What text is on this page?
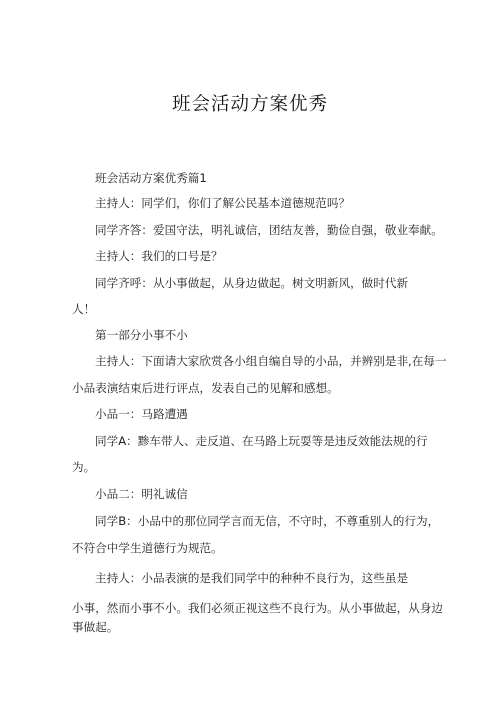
班会活动方案优秀
班会活动方案优秀篇1
主持人：同学们，你们了解公民基本道德规范吗？
同学齐答：爱国守法，明礼诚信，团结友善，勤俭自强，敬业奉献。
主持人：我们的口号是？
同学齐呼：从小事做起，从身边做起。树文明新风，做时代新
人！
第一部分小事不小
主持人：下面请大家欣赏各小组自编自导的小品，并辨别是非,在每一
小品表演结束后进行评点，发表自己的见解和感想。
小品一：马路遭遇
同学A：黪车带人、走反道、在马路上玩耍等是违反效能法规的行
为。
小品二：明礼诚信
同学B：小品中的那位同学言而无信，不守时，不尊重别人的行为，
不符合中学生道德行为规范。
主持人：小品表演的是我们同学中的种种不良行为，这些虽是
小事，然而小事不小。我们必须正视这些不良行为。从小事做起，从身边
事做起。
